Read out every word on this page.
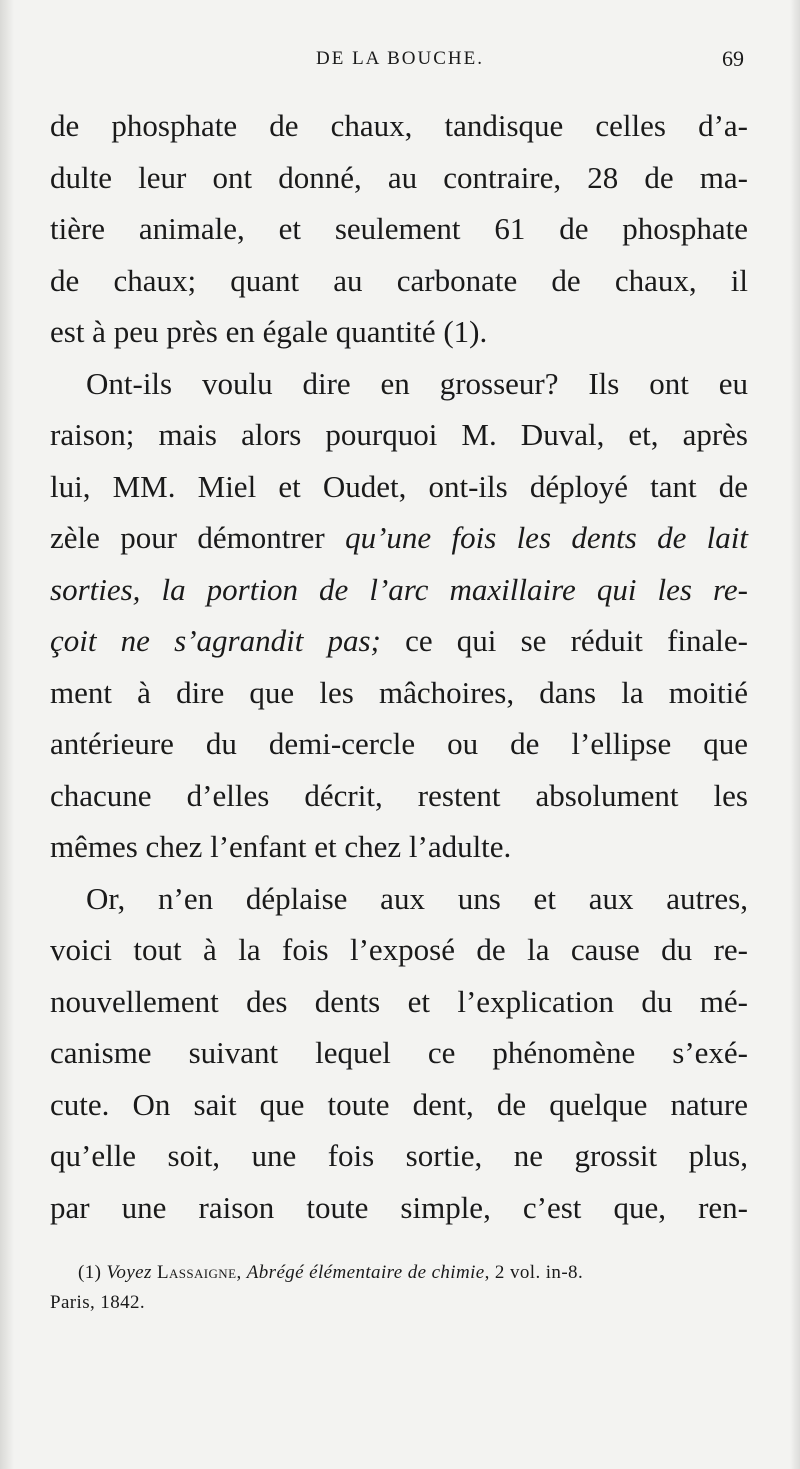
DE LA BOUCHE.	69
de phosphate de chaux, tandisque celles d’a-
dulte leur ont donné, au contraire, 28 de ma-
tière animale, et seulement 61 de phosphate
de chaux; quant au carbonate de chaux, il
est à peu près en égale quantité (1).
Ont-ils voulu dire en grosseur? Ils ont eu
raison; mais alors pourquoi M. Duval, et, après
lui, MM. Miel et Oudet, ont-ils déployé tant de
zèle pour démontrer qu’une fois les dents de lait
sorties, la portion de l’arc maxillaire qui les re-
çoit ne s’agrandit pas; ce qui se réduit finale-
ment à dire que les mâchoires, dans la moitié
antérieure du demi-cercle ou de l’ellipse que
chacune d’elles décrit, restent absolument les
mêmes chez l’enfant et chez l’adulte.
Or, n’en déplaise aux uns et aux autres,
voici tout à la fois l’exposé de la cause du re-
nouvellement des dents et l’explication du mé-
canisme suivant lequel ce phénomène s’exé-
cute. On sait que toute dent, de quelque nature
qu’elle soit, une fois sortie, ne grossit plus,
par une raison toute simple, c’est que, ren-
(1) Voyez Lassaigne, Abrégé élémentaire de chimie, 2 vol. in-8.
Paris, 1842.
